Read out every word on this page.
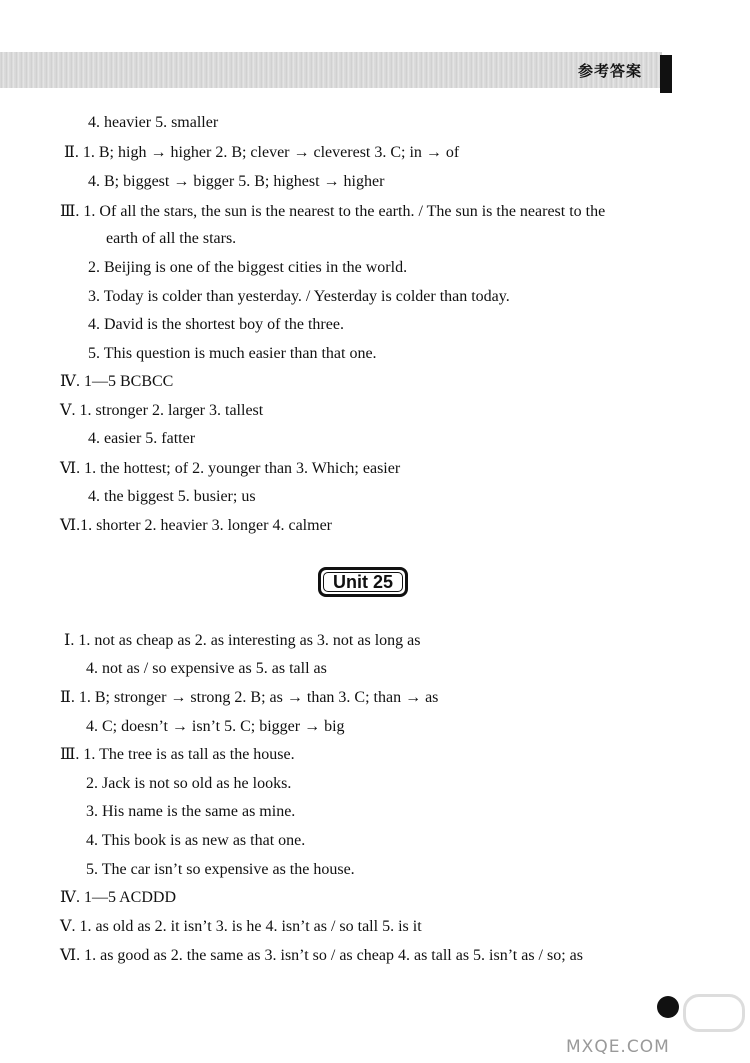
参考答案
4. heavier 5. smaller
Ⅱ. 1. B; high → higher 2. B; clever → cleverest 3. C; in → of
4. B; biggest → bigger 5. B; highest → higher
Ⅲ. 1. Of all the stars, the sun is the nearest to the earth. / The sun is the nearest to the
earth of all the stars.
2. Beijing is one of the biggest cities in the world.
3. Today is colder than yesterday. / Yesterday is colder than today.
4. David is the shortest boy of the three.
5. This question is much easier than that one.
Ⅳ. 1—5 BCBCC
Ⅴ. 1. stronger 2. larger 3. tallest
4. easier 5. fatter
Ⅵ. 1. the hottest; of 2. younger than 3. Which; easier
4. the biggest 5. busier; us
Ⅵ.1. shorter 2. heavier 3. longer 4. calmer
Unit 25
Ⅰ. 1. not as cheap as 2. as interesting as 3. not as long as
4. not as / so expensive as 5. as tall as
Ⅱ. 1. B; stronger → strong 2. B; as → than 3. C; than → as
4. C; doesn’t → isn’t 5. C; bigger → big
Ⅲ. 1. The tree is as tall as the house.
2. Jack is not so old as he looks.
3. His name is the same as mine.
4. This book is as new as that one.
5. The car isn’t so expensive as the house.
Ⅳ. 1—5 ACDDD
Ⅴ. 1. as old as 2. it isn’t 3. is he 4. isn’t as / so tall 5. is it
Ⅵ. 1. as good as 2. the same as 3. isn’t so / as cheap 4. as tall as 5. isn’t as / so; as
MXQE.COM
